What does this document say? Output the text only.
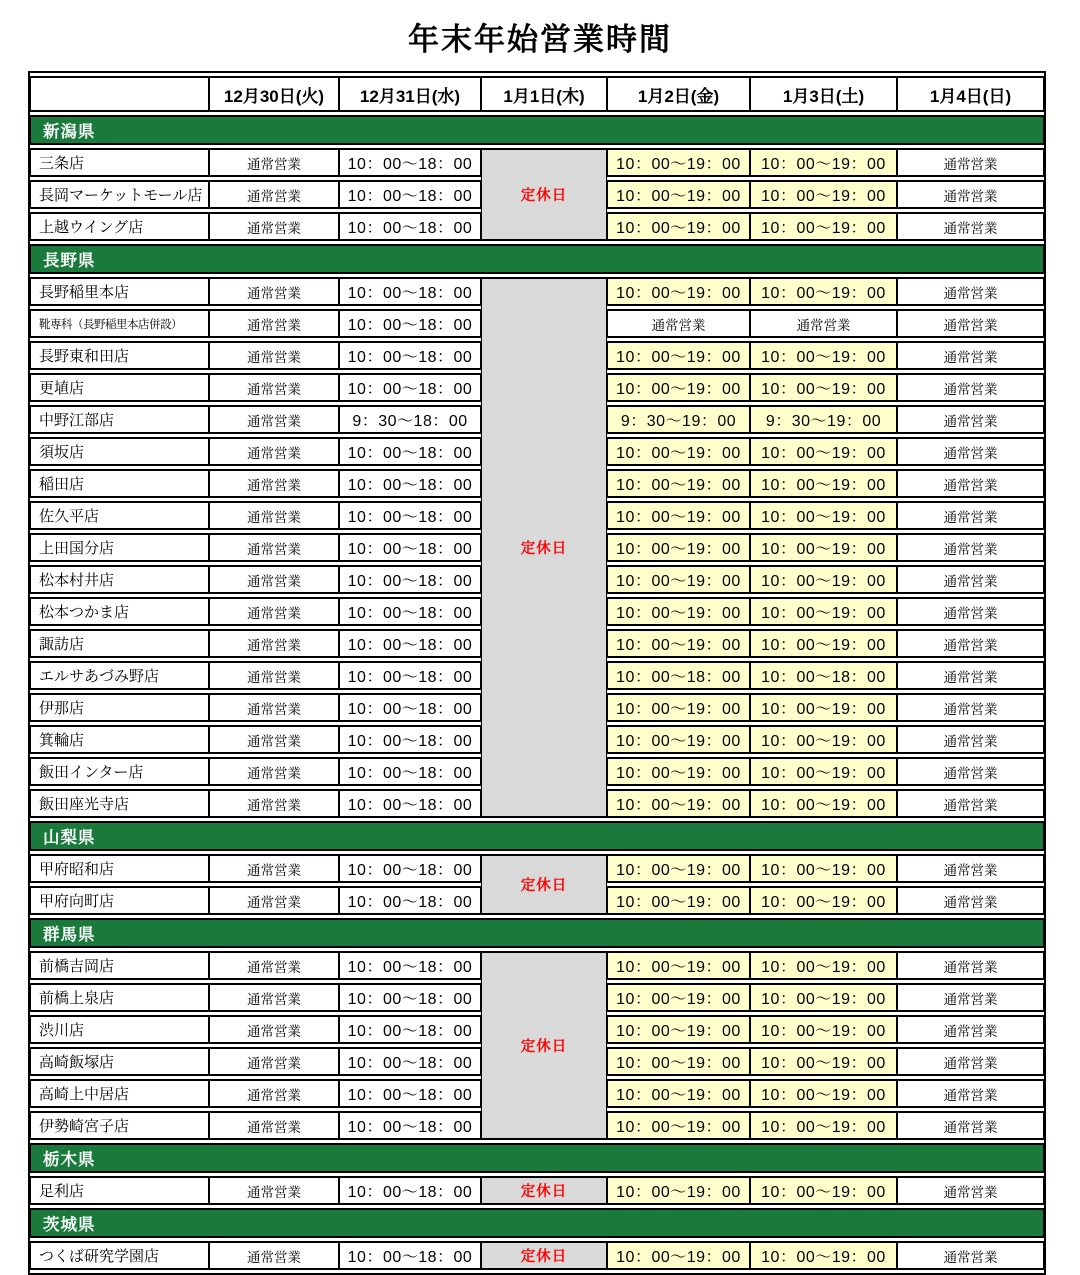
年末年始営業時間
	12月30日(火)	12月31日(水)	1月1日(木)	1月2日(金)	1月3日(土)	1月4日(日)
新潟県						
三条店	通常営業	10：00～18：00	定休日	10：00～19：00	10：00～19：00	通常営業
長岡マーケットモール店	通常営業	10：00～18：00		10：00～19：00	10：00～19：00	通常営業
上越ウイング店	通常営業	10：00～18：00		10：00～19：00	10：00～19：00	通常営業
長野県						
長野稲里本店	通常営業	10：00～18：00	定休日	10：00～19：00	10：00～19：00	通常営業
靴専科（長野稲里本店併設）	通常営業	10：00～18：00		通常営業	通常営業	通常営業
長野東和田店	通常営業	10：00～18：00		10：00～19：00	10：00～19：00	通常営業
更埴店	通常営業	10：00～18：00		10：00～19：00	10：00～19：00	通常営業
中野江部店	通常営業	9：30～18：00		9：30～19：00	9：30～19：00	通常営業
須坂店	通常営業	10：00～18：00		10：00～19：00	10：00～19：00	通常営業
稲田店	通常営業	10：00～18：00		10：00～19：00	10：00～19：00	通常営業
佐久平店	通常営業	10：00～18：00		10：00～19：00	10：00～19：00	通常営業
上田国分店	通常営業	10：00～18：00		10：00～19：00	10：00～19：00	通常営業
松本村井店	通常営業	10：00～18：00		10：00～19：00	10：00～19：00	通常営業
松本つかま店	通常営業	10：00～18：00		10：00～19：00	10：00～19：00	通常営業
諏訪店	通常営業	10：00～18：00		10：00～19：00	10：00～19：00	通常営業
エルサあづみ野店	通常営業	10：00～18：00		10：00～18：00	10：00～18：00	通常営業
伊那店	通常営業	10：00～18：00		10：00～19：00	10：00～19：00	通常営業
箕輪店	通常営業	10：00～18：00		10：00～19：00	10：00～19：00	通常営業
飯田インター店	通常営業	10：00～18：00		10：00～19：00	10：00～19：00	通常営業
飯田座光寺店	通常営業	10：00～18：00		10：00～19：00	10：00～19：00	通常営業
山梨県						
甲府昭和店	通常営業	10：00～18：00	定休日	10：00～19：00	10：00～19：00	通常営業
甲府向町店	通常営業	10：00～18：00		10：00～19：00	10：00～19：00	通常営業
群馬県						
前橋吉岡店	通常営業	10：00～18：00	定休日	10：00～19：00	10：00～19：00	通常営業
前橋上泉店	通常営業	10：00～18：00		10：00～19：00	10：00～19：00	通常営業
渋川店	通常営業	10：00～18：00		10：00～19：00	10：00～19：00	通常営業
高崎飯塚店	通常営業	10：00～18：00		10：00～19：00	10：00～19：00	通常営業
高崎上中居店	通常営業	10：00～18：00		10：00～19：00	10：00～19：00	通常営業
伊勢崎宮子店	通常営業	10：00～18：00		10：00～19：00	10：00～19：00	通常営業
栃木県						
足利店	通常営業	10：00～18：00	定休日	10：00～19：00	10：00～19：00	通常営業
茨城県						
つくば研究学園店	通常営業	10：00～18：00	定休日	10：00～19：00	10：00～19：00	通常営業
